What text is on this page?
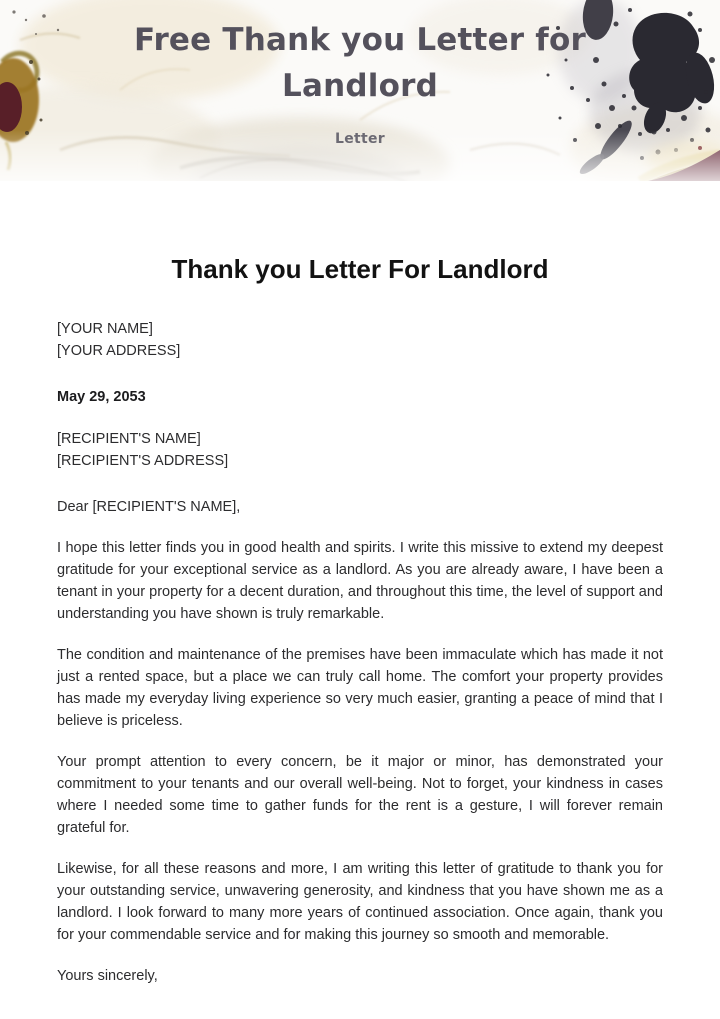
Free Thank you Letter for Landlord
Letter
Thank you Letter For Landlord

[YOUR NAME]

[YOUR ADDRESS]

May 29, 2053

[RECIPIENT'S NAME]

[RECIPIENT'S ADDRESS]

Dear [RECIPIENT'S NAME],

I hope this letter finds you in good health and spirits. I write this missive to extend my deepest gratitude for your exceptional service as a landlord. As you are already aware, I have been a tenant in your property for a decent duration, and throughout this time, the level of support and understanding you have shown is truly remarkable.

The condition and maintenance of the premises have been immaculate which has made it not just a rented space, but a place we can truly call home. The comfort your property provides has made my everyday living experience so very much easier, granting a peace of mind that I believe is priceless.

Your prompt attention to every concern, be it major or minor, has demonstrated your commitment to your tenants and our overall well-being. Not to forget, your kindness in cases where I needed some time to gather funds for the rent is a gesture, I will forever remain grateful for.

Likewise, for all these reasons and more, I am writing this letter of gratitude to thank you for your outstanding service, unwavering generosity, and kindness that you have shown me as a landlord. I look forward to many more years of continued association. Once again, thank you for your commendable service and for making this journey so smooth and memorable.

Yours sincerely,
